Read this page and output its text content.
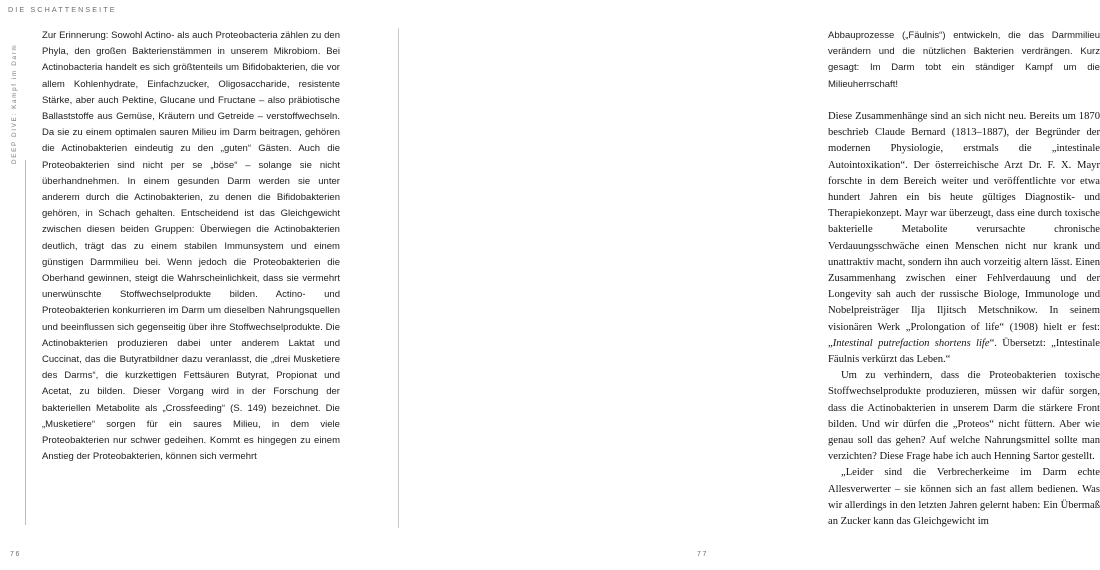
DIE SCHATTENSEITE
DEEP DIVE: Kampf im Darm

Zur Erinnerung: Sowohl Actino- als auch Proteobacteria zählen zu den Phyla, den großen Bakterienstämmen in unserem Mikrobiom. Bei Actinobacteria handelt es sich größtenteils um Bifidobakterien, die vor allem Kohlenhydrate, Einfachzucker, Oligosaccharide, resistente Stärke, aber auch Pektine, Glucane und Fructane – also präbiotische Ballaststoffe aus Gemüse, Kräutern und Getreide – verstoffwechseln. Da sie zu einem optimalen sauren Milieu im Darm beitragen, gehören die Actinobakterien eindeutig zu den „guten“ Gästen. Auch die Proteobakterien sind nicht per se „böse“ – solange sie nicht überhandnehmen. In einem gesunden Darm werden sie unter anderem durch die Actinobakterien, zu denen die Bifidobakterien gehören, in Schach gehalten. Entscheidend ist das Gleichgewicht zwischen diesen beiden Gruppen: Überwiegen die Actinobakterien deutlich, trägt das zu einem stabilen Immunsystem und einem günstigen Darmmilieu bei. Wenn jedoch die Proteobakterien die Oberhand gewinnen, steigt die Wahrscheinlichkeit, dass sie vermehrt unerwünschte Stoffwechselprodukte bilden. Actino- und Proteobakterien konkurrieren im Darm um dieselben Nahrungsquellen und beeinflussen sich gegenseitig über ihre Stoffwechselprodukte. Die Actinobakterien produzieren dabei unter anderem Laktat und Cuccinat, das die Butyratbildner dazu veranlasst, die „drei Musketiere des Darms“, die kurzkettigen Fettsäuren Butyrat, Propionat und Acetat, zu bilden. Dieser Vorgang wird in der Forschung der bakteriellen Metabolite als „Crossfeeding“ (S. 149) bezeichnet. Die „Musketiere“ sorgen für ein saures Milieu, in dem viele Proteobakterien nur schwer gedeihen. Kommt es hingegen zu einem Anstieg der Proteobakterien, können sich vermehrt

76

Abbauprozesse („Fäulnis“) entwickeln, die das Darmmilieu verändern und die nützlichen Bakterien verdrängen. Kurz gesagt: Im Darm tobt ein ständiger Kampf um die Milieuherrschaft!

Diese Zusammenhänge sind an sich nicht neu. Bereits um 1870 beschrieb Claude Bernard (1813–1887), der Begründer der modernen Physiologie, erstmals die „intestinale Autointoxikation“. Der österreichische Arzt Dr. F. X. Mayr forschte in dem Bereich weiter und veröffentlichte vor etwa hundert Jahren ein bis heute gültiges Diagnostik- und Therapiekonzept. Mayr war überzeugt, dass eine durch toxische bakterielle Metabolite verursachte chronische Verdauungsschwäche einen Menschen nicht nur krank und unattraktiv macht, sondern ihn auch vorzeitig altern lässt. Einen Zusammenhang zwischen einer Fehlverdauung und der Longevity sah auch der russische Biologe, Immunologe und Nobelpreisträger Ilja Iljitsch Metschnikow. In seinem visionären Werk „Prolongation of life“ (1908) hielt er fest: „Intestinal putrefaction shortens life“. Übersetzt: „Intestinale Fäulnis verkürzt das Leben.“

Um zu verhindern, dass die Proteobakterien toxische Stoffwechselprodukte produzieren, müssen wir dafür sorgen, dass die Actinobakterien in unserem Darm die stärkere Front bilden. Und wir dürfen die „Proteos“ nicht füttern. Aber wie genau soll das gehen? Auf welche Nahrungsmittel sollte man verzichten? Diese Frage habe ich auch Henning Sartor gestellt.

„Leider sind die Verbrecherkeime im Darm echte Allesverwerter – sie können sich an fast allem bedienen. Was wir allerdings in den letzten Jahren gelernt haben: Ein Übermaß an Zucker kann das Gleichgewicht im

77
